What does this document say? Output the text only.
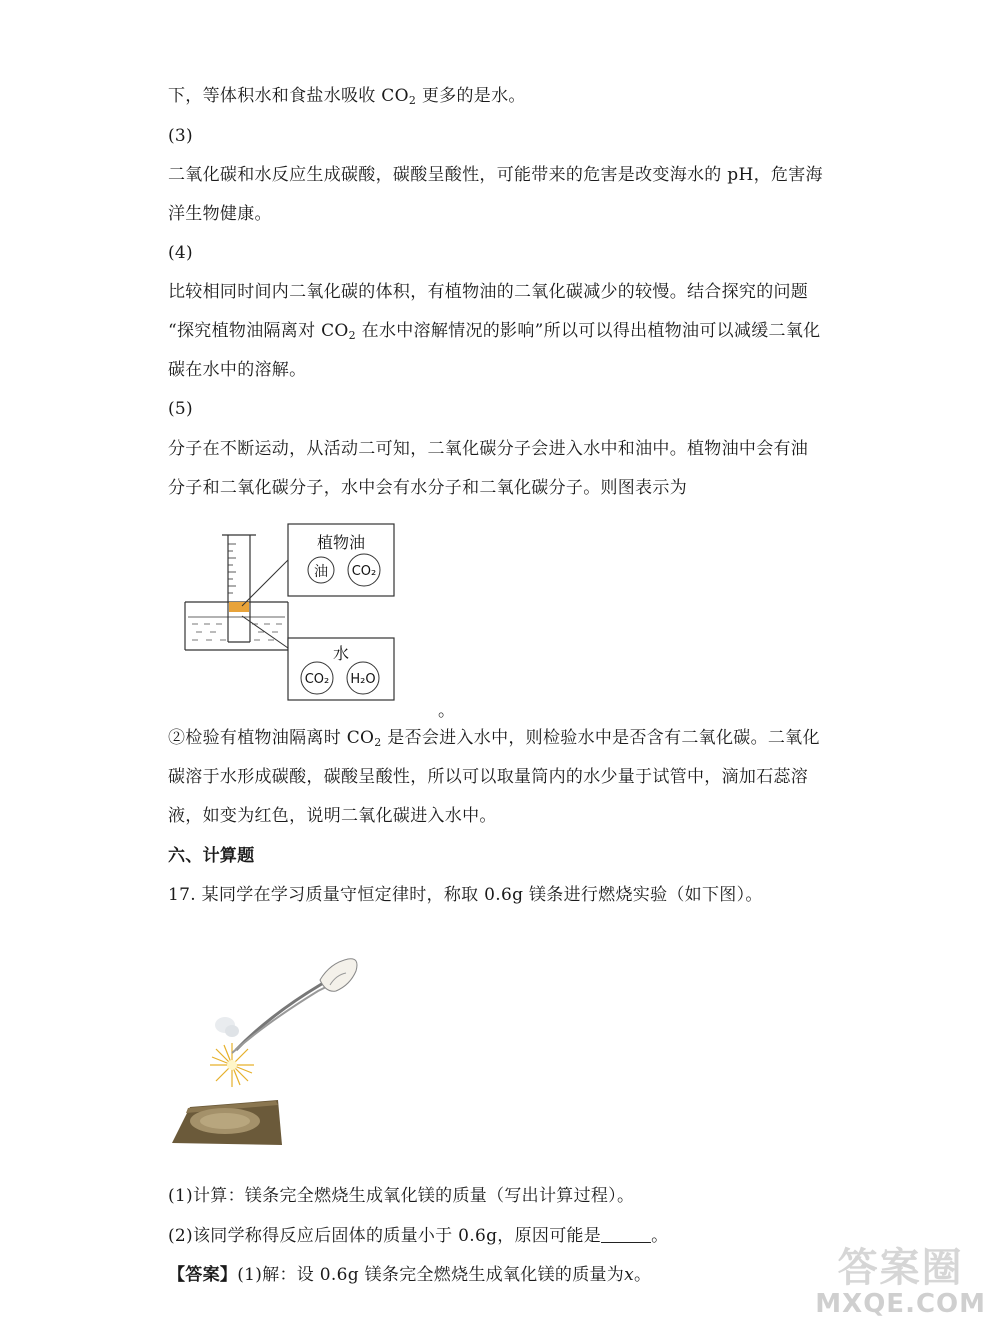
下，等体积水和食盐水吸收 $CO_2$ 更多的是水。
(3)
二氧化碳和水反应生成碳酸，碳酸呈酸性，可能带来的危害是改变海水的 pH，危害海
洋生物健康。
(4)
比较相同时间内二氧化碳的体积，有植物油的二氧化碳减少的较慢。结合探究的问题
“探究植物油隔离对 $CO_2$ 在水中溶解情况的影响”所以可以得出植物油可以减缓二氧化
碳在水中的溶解。
(5)
分子在不断运动，从活动二可知，二氧化碳分子会进入水中和油中。植物油中会有油
分子和二氧化碳分子，水中会有水分子和二氧化碳分子。则图表示为
植物油
油 CO₂
水
CO₂ H₂O
。
②检验有植物油隔离时 $CO_2$ 是否会进入水中，则检验水中是否含有二氧化碳。二氧化
碳溶于水形成碳酸，碳酸呈酸性，所以可以取量筒内的水少量于试管中，滴加石蕊溶
液，如变为红色，说明二氧化碳进入水中。
六、计算题
17. 某同学在学习质量守恒定律时，称取 0.6g 镁条进行燃烧实验（如下图）。
(1)计算：镁条完全燃烧生成氧化镁的质量（写出计算过程）。
(2)该同学称得反应后固体的质量小于 0.6g，原因可能是	。
【答案】(1)解：设 0.6g 镁条完全燃烧生成氧化镁的质量为x。	答案圈
MXQE.COM
